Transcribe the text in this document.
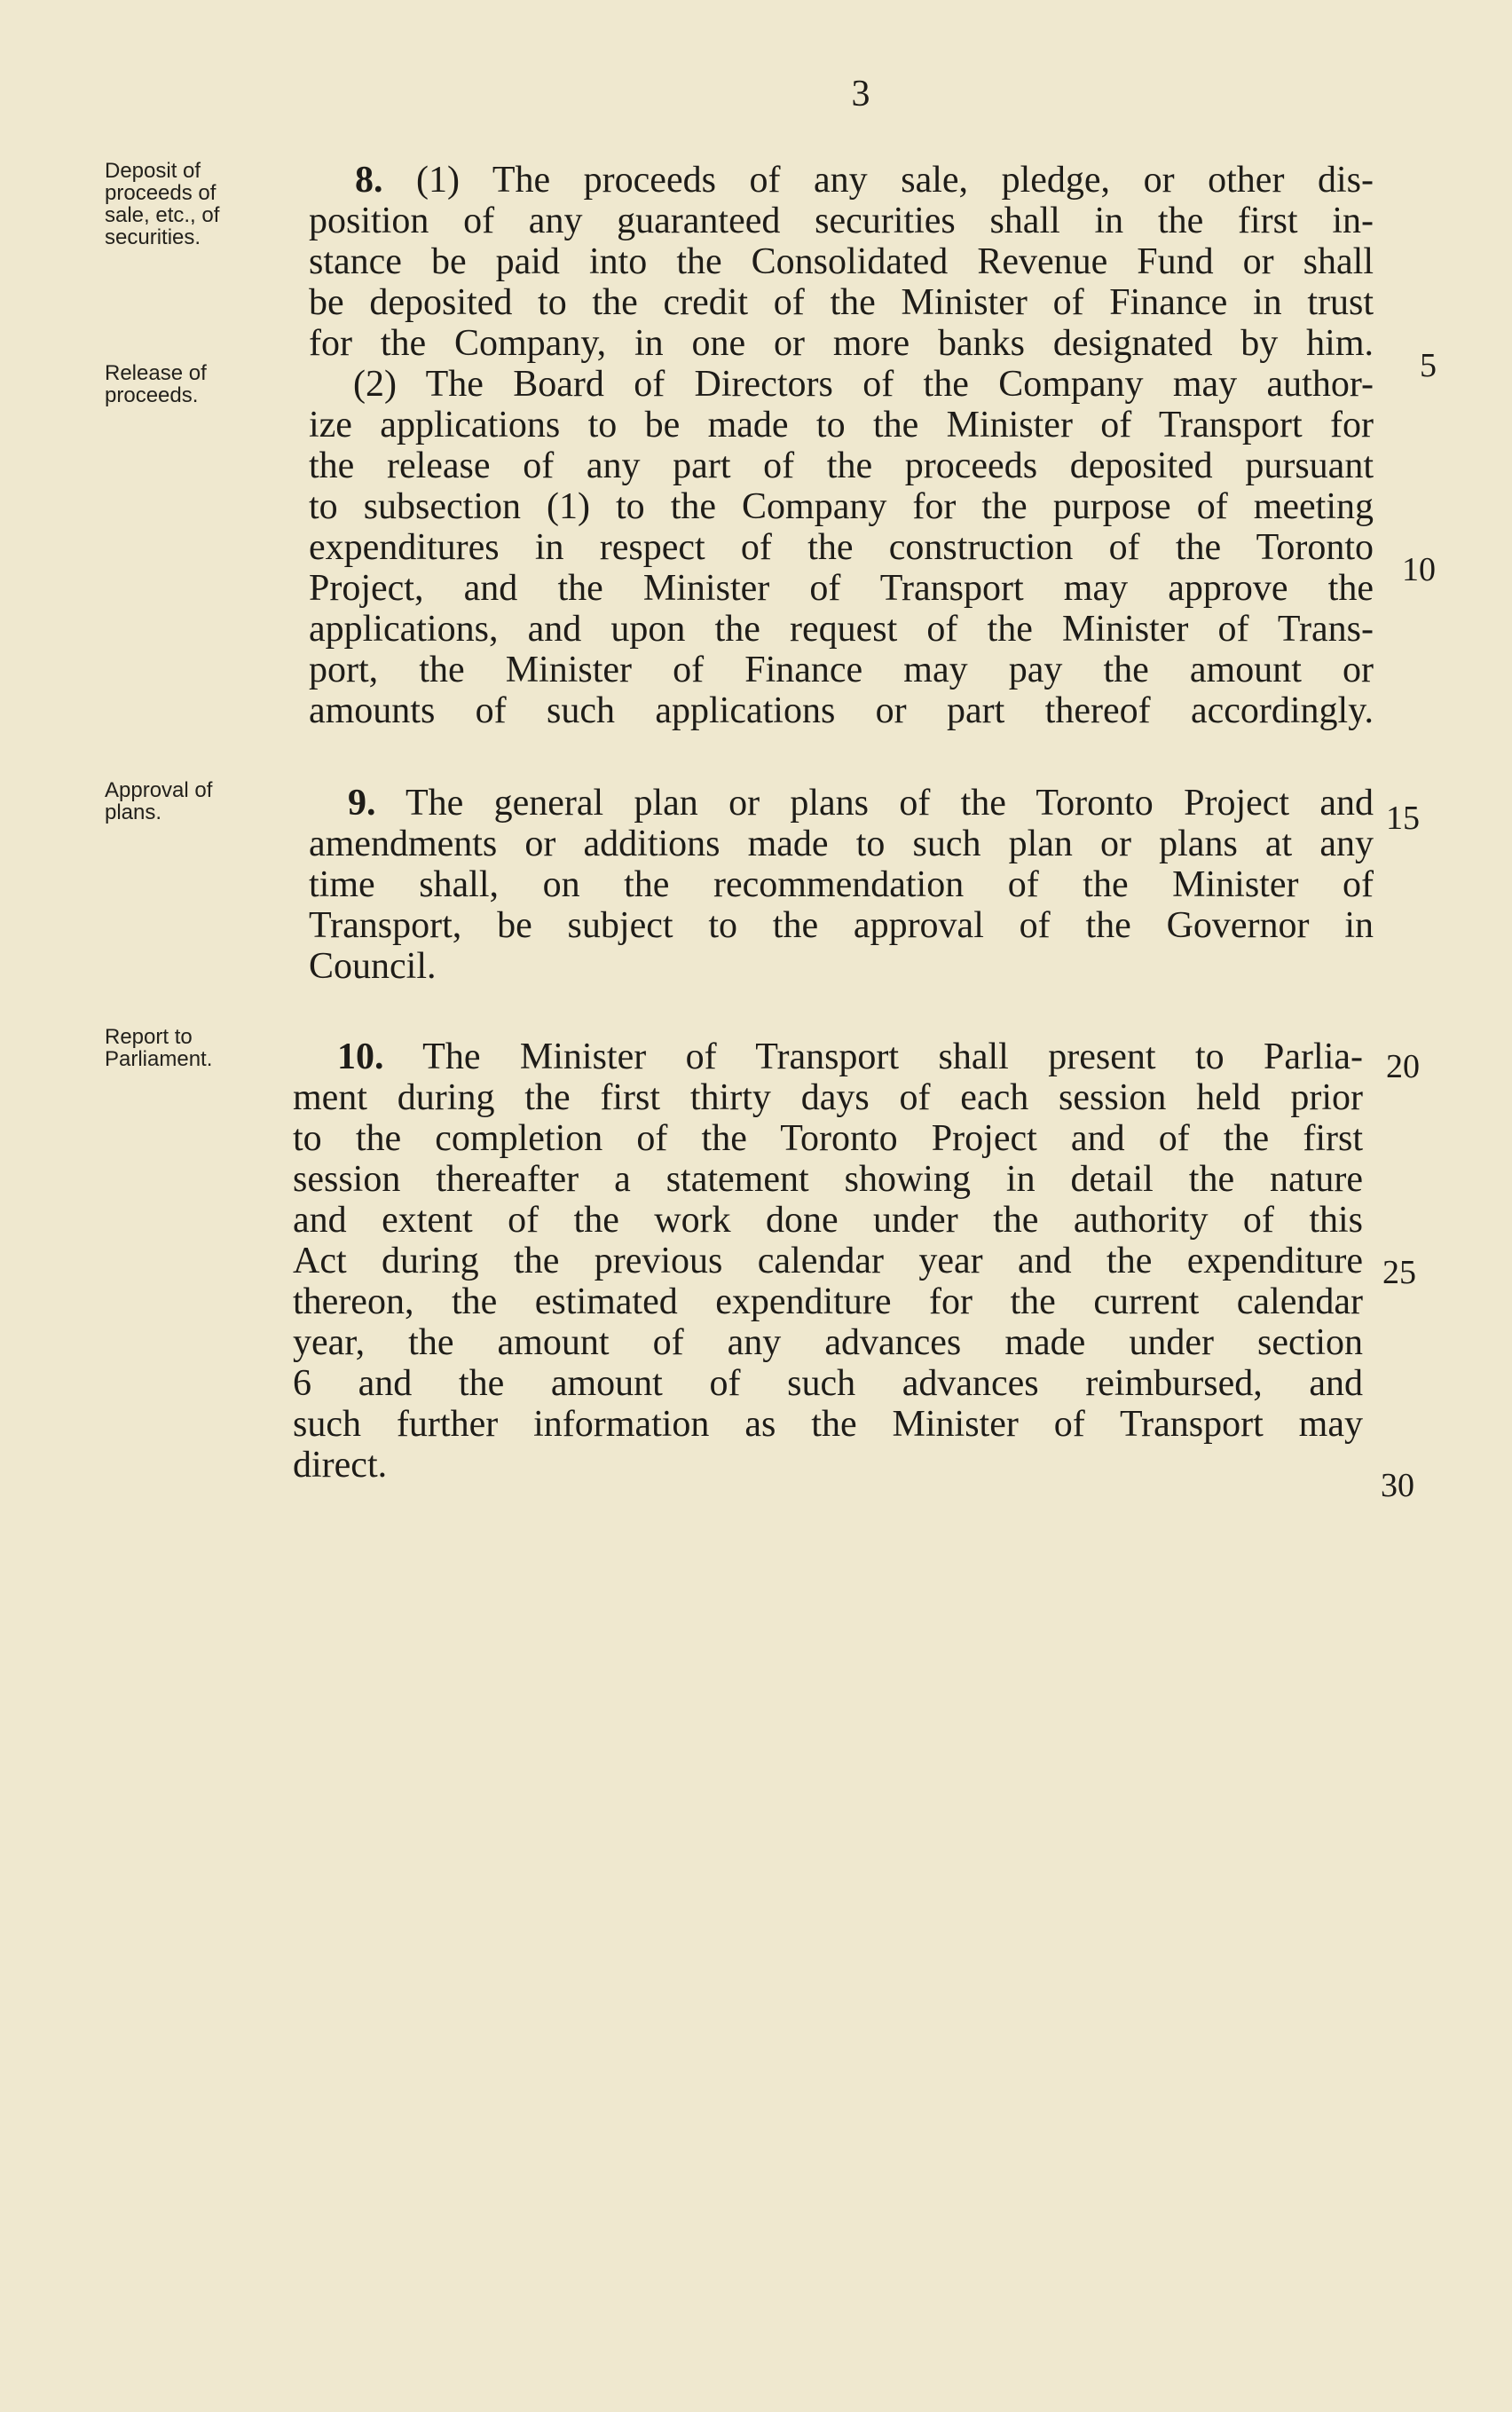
3
Deposit of
proceeds of
sale, etc., of
securities.
Release of
proceeds.
Approval of
plans.
Report to
Parliament.
8. (1) The proceeds of any sale, pledge, or other dis-
position of any guaranteed securities shall in the first in-
stance be paid into the Consolidated Revenue Fund or shall
be deposited to the credit of the Minister of Finance in trust
for the Company, in one or more banks designated by him.
(2) The Board of Directors of the Company may author-
ize applications to be made to the Minister of Transport for
the release of any part of the proceeds deposited pursuant
to subsection (1) to the Company for the purpose of meeting
expenditures in respect of the construction of the Toronto
Project, and the Minister of Transport may approve the
applications, and upon the request of the Minister of Trans-
port, the Minister of Finance may pay the amount or
amounts of such applications or part thereof accordingly.
9. The general plan or plans of the Toronto Project and
amendments or additions made to such plan or plans at any
time shall, on the recommendation of the Minister of
Transport, be subject to the approval of the Governor in
Council.
10. The Minister of Transport shall present to Parlia-
ment during the first thirty days of each session held prior
to the completion of the Toronto Project and of the first
session thereafter a statement showing in detail the nature
and extent of the work done under the authority of this
Act during the previous calendar year and the expenditure
thereon, the estimated expenditure for the current calendar
year, the amount of any advances made under section
6 and the amount of such advances reimbursed, and
such further information as the Minister of Transport may
direct.
5
10
15
20
25
30
